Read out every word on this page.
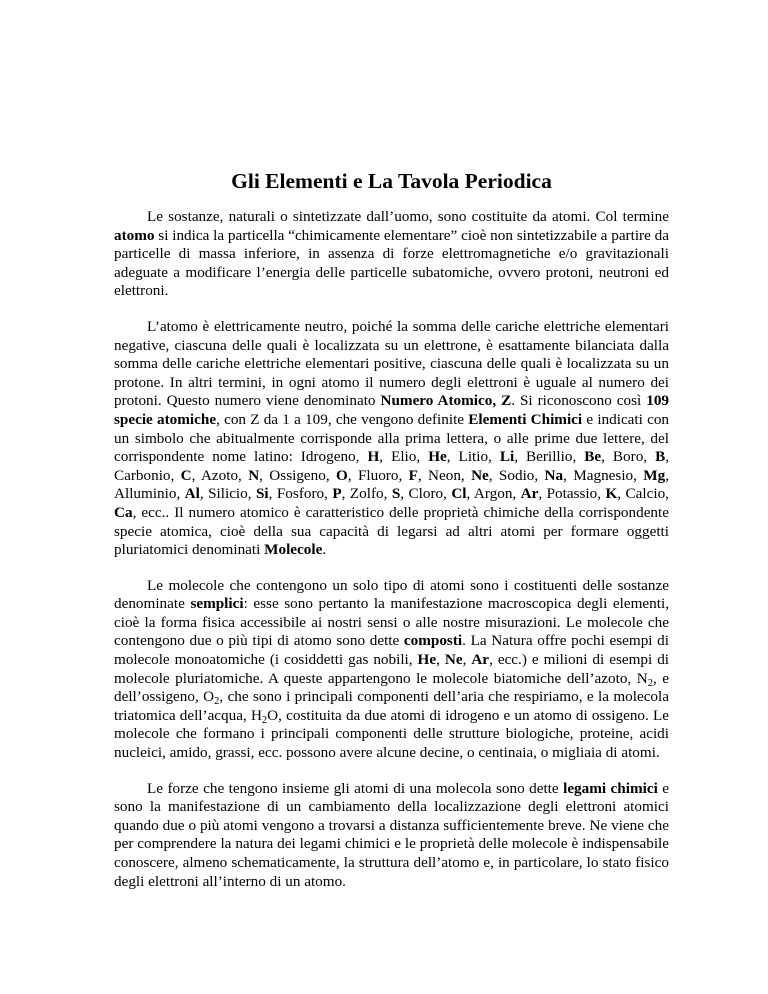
Gli Elementi e La Tavola Periodica

Le sostanze, naturali o sintetizzate dall’uomo, sono costituite da atomi. Col termine atomo si indica la particella “chimicamente elementare” cioè non sintetizzabile a partire da particelle di massa inferiore, in assenza di forze elettromagnetiche e/o gravitazionali adeguate a modificare l’energia delle particelle subatomiche, ovvero protoni, neutroni ed elettroni.

L’atomo è elettricamente neutro, poiché la somma delle cariche elettriche elementari negative, ciascuna delle quali è localizzata su un elettrone, è esattamente bilanciata dalla somma delle cariche elettriche elementari positive, ciascuna delle quali è localizzata su un protone. In altri termini, in ogni atomo il numero degli elettroni è uguale al numero dei protoni. Questo numero viene denominato Numero Atomico, Z. Si riconoscono così 109 specie atomiche, con Z da 1 a 109, che vengono definite Elementi Chimici e indicati con un simbolo che abitualmente corrisponde alla prima lettera, o alle prime due lettere, del corrispondente nome latino: Idrogeno, H, Elio, He, Litio, Li, Berillio, Be, Boro, B, Carbonio, C, Azoto, N, Ossigeno, O, Fluoro, F, Neon, Ne, Sodio, Na, Magnesio, Mg, Alluminio, Al, Silicio, Si, Fosforo, P, Zolfo, S, Cloro, Cl, Argon, Ar, Potassio, K, Calcio, Ca, ecc.. Il numero atomico è caratteristico delle proprietà chimiche della corrispondente specie atomica, cioè della sua capacità di legarsi ad altri atomi per formare oggetti pluriatomici denominati Molecole.

Le molecole che contengono un solo tipo di atomi sono i costituenti delle sostanze denominate semplici: esse sono pertanto la manifestazione macroscopica degli elementi, cioè la forma fisica accessibile ai nostri sensi o alle nostre misurazioni. Le molecole che contengono due o più tipi di atomo sono dette composti. La Natura offre pochi esempi di molecole monoatomiche (i cosiddetti gas nobili, He, Ne, Ar, ecc.) e milioni di esempi di molecole pluriatomiche. A queste appartengono le molecole biatomiche dell’azoto, $N_2$, e dell’ossigeno, $O_2$, che sono i principali componenti dell’aria che respiriamo, e la molecola triatomica dell’acqua, $H_2O$, costituita da due atomi di idrogeno e un atomo di ossigeno. Le molecole che formano i principali componenti delle strutture biologiche, proteine, acidi nucleici, amido, grassi, ecc. possono avere alcune decine, o centinaia, o migliaia di atomi.

Le forze che tengono insieme gli atomi di una molecola sono dette legami chimici e sono la manifestazione di un cambiamento della localizzazione degli elettroni atomici quando due o più atomi vengono a trovarsi a distanza sufficientemente breve. Ne viene che per comprendere la natura dei legami chimici e le proprietà delle molecole è indispensabile conoscere, almeno schematicamente, la struttura dell’atomo e, in particolare, lo stato fisico degli elettroni all’interno di un atomo.
